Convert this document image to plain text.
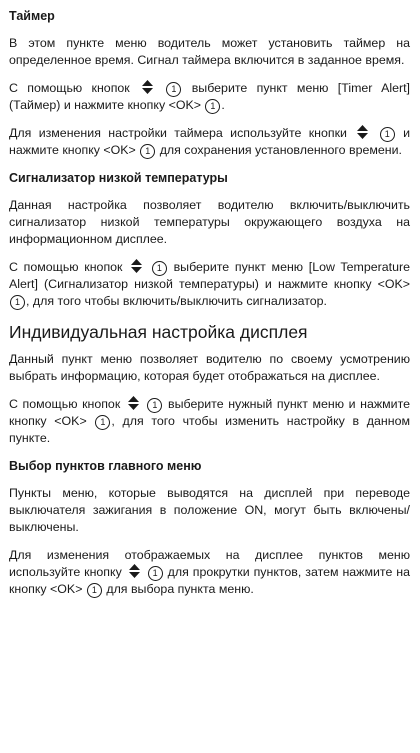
Таймер

В этом пункте меню водитель может установить таймер на определенное время. Сигнал таймера включится в заданное время.

С помощью кнопок	1 выберите пункт меню [Timer Alert] (Таймер) и нажмите кнопку <OK> 1 .

Для изменения настройки таймера используйте кнопки	1 и нажмите кнопку <OK> 1 для сохранения установленного времени.

Сигнализатор низкой температуры

Данная настройка позволяет водителю включить/выключить сигнализатор низкой температуры окружающего воздуха на информационном дисплее.

С помощью кнопок	1 выберите пункт меню [Low Temperature Alert] (Сигнализатор низкой температуры) и нажмите кнопку <OK> 1 , для того чтобы включить/выключить сигнализатор.

Индивидуальная настройка дисплея

Данный пункт меню позволяет водителю по своему усмотрению выбрать информацию, которая будет отображаться на дисплее.

С помощью кнопок	1 выберите нужный пункт меню и нажмите кнопку <OK> 1 , для того чтобы изменить настройку в данном пункте.

Выбор пунктов главного меню

Пункты меню, которые выводятся на дисплей при переводе выключателя зажигания в положение ON, могут быть включены/выключены.

Для изменения отображаемых на дисплее пунктов меню используйте кнопку	1 для прокрутки пунктов, затем нажмите на кнопку <OK> 1 для выбора пункта меню.
